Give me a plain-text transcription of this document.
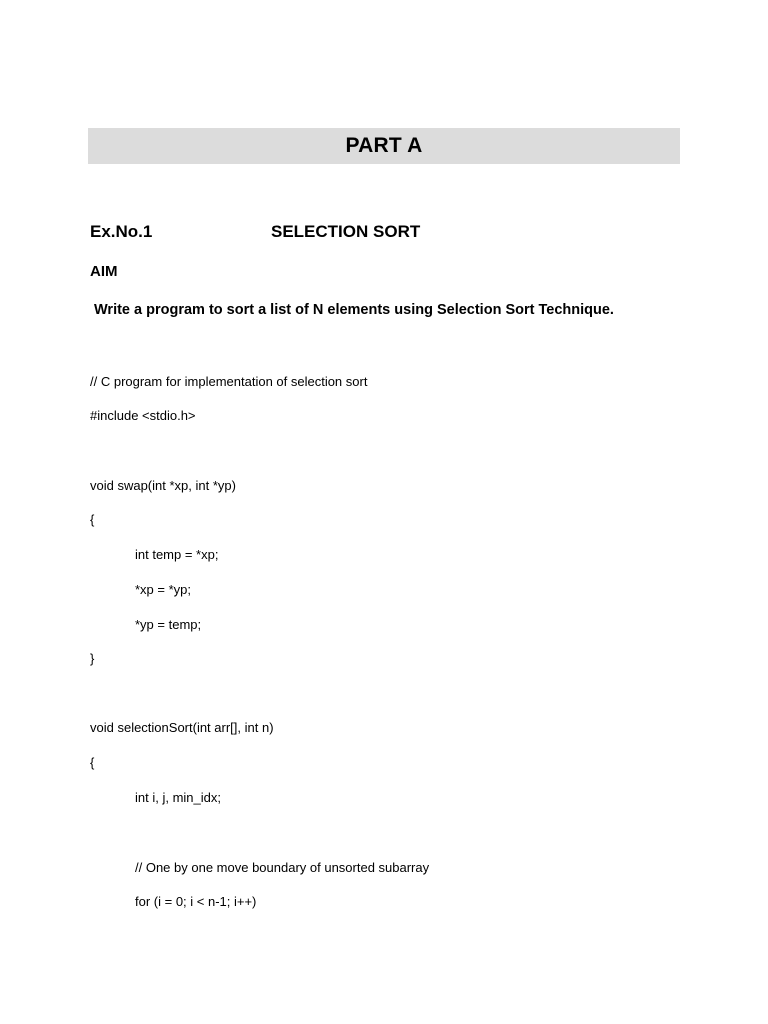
PART A
Ex.No.1	SELECTION SORT
AIM
Write a program to sort a list of N elements using Selection Sort Technique.
// C program for implementation of selection sort
#include <stdio.h>
void swap(int *xp, int *yp)
{
int temp = *xp;
*xp = *yp;
*yp = temp;
}
void selectionSort(int arr[], int n)
{
int i, j, min_idx;
// One by one move boundary of unsorted subarray
for (i = 0; i < n-1; i++)
